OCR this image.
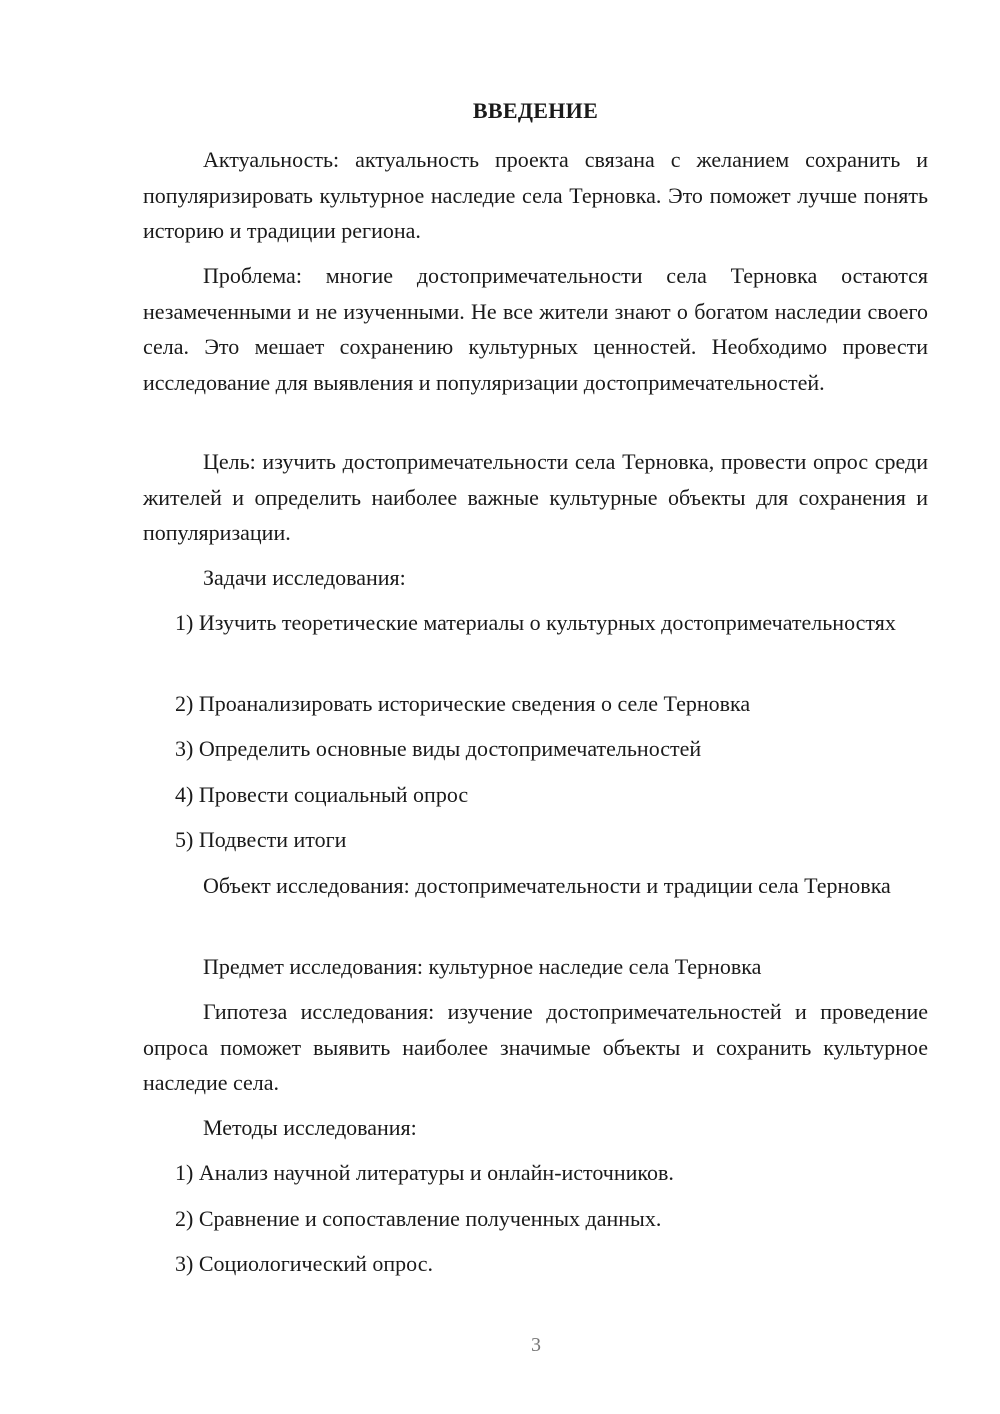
ВВЕДЕНИЕ
Актуальность: актуальность проекта связана с желанием сохранить и популяризировать культурное наследие села Терновка. Это поможет лучше понять историю и традиции региона.
Проблема: многие достопримечательности села Терновка остаются незамеченными и не изученными. Не все жители знают о богатом наследии своего села. Это мешает сохранению культурных ценностей. Необходимо провести исследование для выявления и популяризации достопримечательностей.
Цель: изучить достопримечательности села Терновка, провести опрос среди жителей и определить наиболее важные культурные объекты для сохранения и популяризации.
Задачи исследования:
1) Изучить теоретические материалы о культурных достопримечательностях
2) Проанализировать исторические сведения о селе Терновка
3) Определить основные виды достопримечательностей
4) Провести социальный опрос
5) Подвести итоги
Объект исследования: достопримечательности и традиции села Терновка
Предмет исследования: культурное наследие села Терновка
Гипотеза исследования: изучение достопримечательностей и проведение опроса поможет выявить наиболее значимые объекты и сохранить культурное наследие села.
Методы исследования:
1) Анализ научной литературы и онлайн-источников.
2) Сравнение и сопоставление полученных данных.
3) Социологический опрос.
3
